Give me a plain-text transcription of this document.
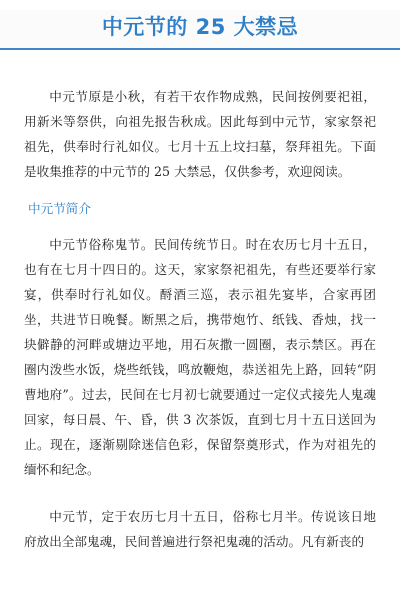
中元节的 25 大禁忌

中元节原是小秋，有若干农作物成熟，民间按例要祀祖，用新米等祭供，向祖先报告秋成。因此每到中元节，家家祭祀祖先，供奉时行礼如仪。七月十五上坟扫墓，祭拜祖先。下面是收集推荐的中元节的 25 大禁忌，仅供参考，欢迎阅读。

中元节简介

中元节俗称鬼节。民间传统节日。时在农历七月十五日，也有在七月十四日的。这天，家家祭祀祖先，有些还要举行家宴，供奉时行礼如仪。酹酒三巡，表示祖先宴毕，合家再团坐，共进节日晚餐。断黑之后，携带炮竹、纸钱、香烛，找一块僻静的河畔或塘边平地，用石灰撒一圆圈，表示禁区。再在圈内泼些水饭，烧些纸钱，鸣放鞭炮，恭送祖先上路，回转“阴曹地府”。过去，民间在七月初七就要通过一定仪式接先人鬼魂回家，每日晨、午、昏，供 3 次茶饭，直到七月十五日送回为止。现在，逐渐剔除迷信色彩，保留祭奠形式，作为对祖先的缅怀和纪念。

中元节，定于农历七月十五日，俗称七月半。传说该日地府放出全部鬼魂，民间普遍进行祭祀鬼魂的活动。凡有新丧的
